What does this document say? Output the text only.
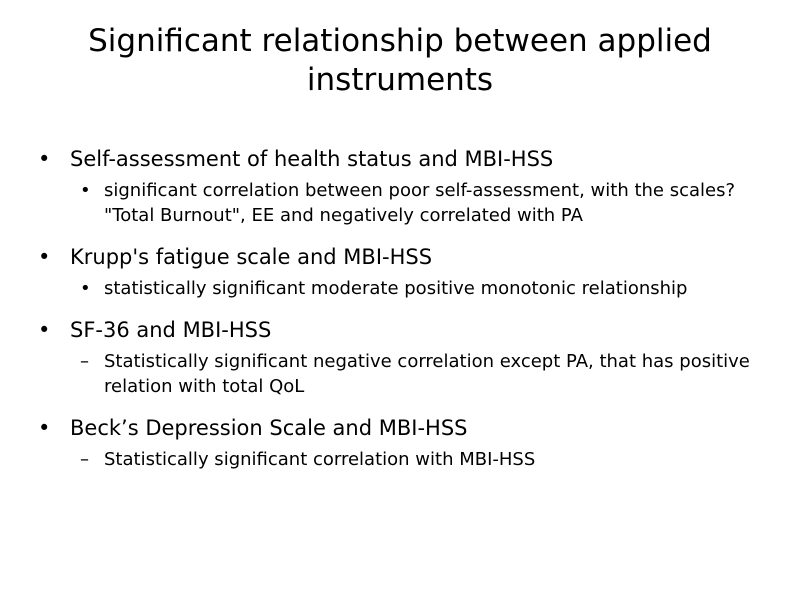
Significant relationship between applied instruments
• Self-assessment of health status and MBI-HSS
• significant correlation between poor self-assessment, with the scales? "Total Burnout", EE and negatively correlated with PA
• Krupp's fatigue scale and MBI-HSS
• statistically significant moderate positive monotonic relationship
• SF-36 and MBI-HSS
– Statistically significant negative correlation except PA, that has positive relation with total QoL
• Beck’s Depression Scale and MBI-HSS
– Statistically significant correlation with MBI-HSS
